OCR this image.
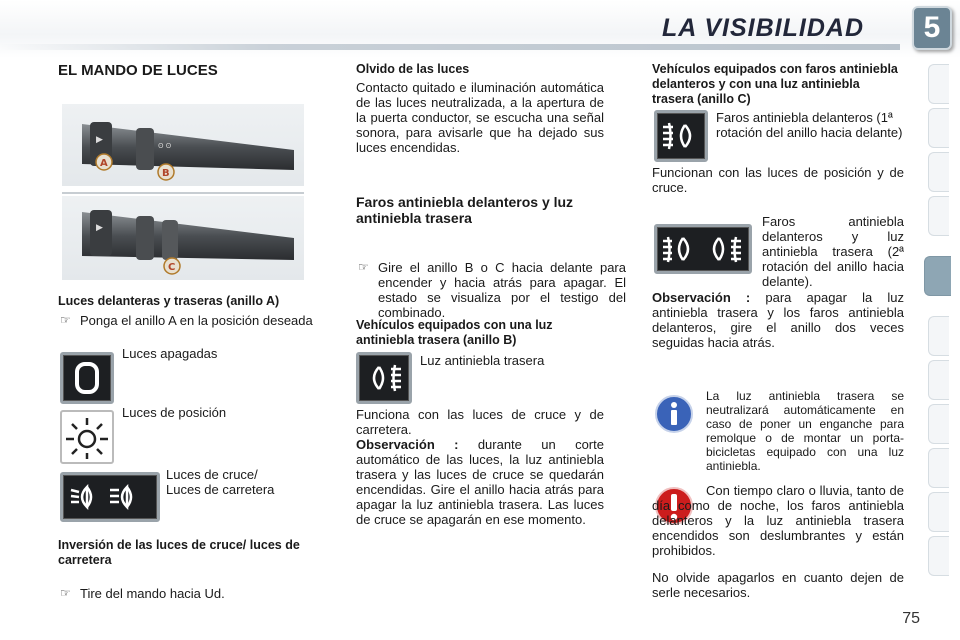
LA VISIBILIDAD	5
EL MANDO DE LUCES
▶
ʘ ʘ
A
B
▶
C
Luces delanteras y traseras (anillo A)
☞ Ponga el anillo A en la posición deseada
Luces apagadas
Luces de posición
Luces de cruce/
Luces de carretera
Inversión de las luces de cruce/ luces de carretera
☞ Tire del mando hacia Ud.
Olvido de las luces
Contacto quitado e iluminación automática de las luces neutralizada, a la apertura de la puerta conductor, se escucha una señal sonora, para avisarle que ha dejado sus luces encendidas.
Faros antiniebla delanteros y luz antiniebla trasera
☞ Gire el anillo B o C hacia delante para encender y hacia atrás para apagar. El estado se visualiza por el testigo del combinado.
Vehículos equipados con una luz antiniebla trasera (anillo B)
Luz antiniebla trasera
Funciona con las luces de cruce y de carretera.
Observación : durante un corte automático de las luces, la luz antiniebla trasera y las luces de cruce se quedarán encendidas. Gire el anillo hacia atrás para apagar la luz antiniebla trasera. Las luces de cruce se apagarán en ese momento.
Vehículos equipados con faros antiniebla delanteros y con una luz antiniebla trasera (anillo C)
Faros antiniebla delanteros (1ª rotación del anillo hacia delante)
Funcionan con las luces de posición y de cruce.
Faros antiniebla delanteros y luz antiniebla trasera (2ª rotación del anillo hacia delante).
Observación : para apagar la luz antiniebla trasera y los faros antiniebla delanteros, gire el anillo dos veces seguidas hacia atrás.
La luz antiniebla trasera se neutralizará automáticamente en caso de poner un enganche para remolque o de montar un porta-bicicletas equipado con una luz antiniebla.
Con tiempo claro o lluvia, tanto de día como de noche, los faros antiniebla delanteros y la luz antiniebla trasera encendidos son deslumbrantes y están prohibidos.
No olvide apagarlos en cuanto dejen de serle necesarios.
75
